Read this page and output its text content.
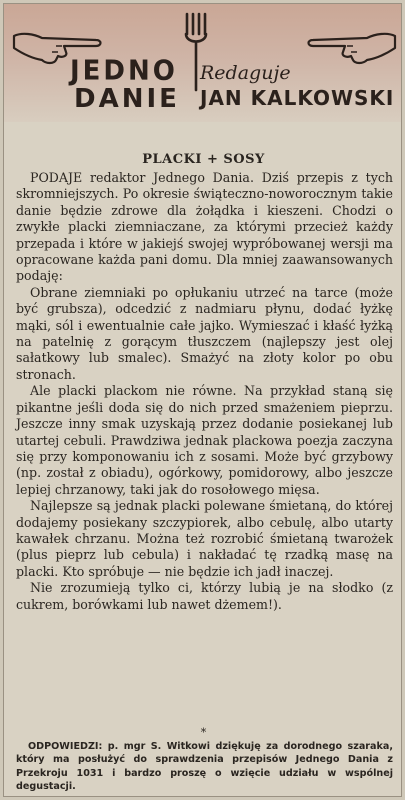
JEDNO Redaguje
DANIE JAN KALKOWSKI
PLACKI + SOSY

PODAJE redaktor Jednego Dania. Dziś przepis z tych skromniejszych. Po okresie świąteczno-noworocznym takie danie będzie zdrowe dla żołądka i kieszeni. Chodzi o zwykłe placki ziemniaczane, za którymi przecież każdy przepada i które w jakiejś swojej wypróbowanej wersji ma opracowane każda pani domu. Dla mniej zaawansowanych podaję:

Obrane ziemniaki po opłukaniu utrzeć na tarce (może być grubsza), odcedzić z nadmiaru płynu, dodać łyżkę mąki, sól i ewentualnie całe jajko. Wymieszać i kłaść łyżką na patelnię z gorącym tłuszczem (najlepszy jest olej sałatkowy lub smalec). Smażyć na złoty kolor po obu stronach.

Ale placki plackom nie równe. Na przykład staną się pikantne jeśli doda się do nich przed smażeniem pieprzu. Jeszcze inny smak uzyskają przez dodanie posiekanej lub utartej cebuli. Prawdziwa jednak plackowa poezja zaczyna się przy komponowaniu ich z sosami. Może być grzybowy (np. został z obiadu), ogórkowy, pomidorowy, albo jeszcze lepiej chrzanowy, taki jak do rosołowego mięsa.

Najlepsze są jednak placki polewane śmietaną, do której dodajemy posiekany szczypiorek, albo cebulę, albo utarty kawałek chrzanu. Można też rozrobić śmietaną twarożek (plus pieprz lub cebula) i nakładać tę rzadką masę na placki. Kto spróbuje — nie będzie ich jadł inaczej.

Nie zrozumieją tylko ci, którzy lubią je na słodko (z cukrem, borówkami lub nawet dżemem!).

*

ODPOWIEDZI: p. mgr S. Witkowi dziękuję za dorodnego szaraka, który ma posłużyć do sprawdzenia przepisów Jednego Dania z Przekroju 1031 i bardzo proszę o wzięcie udziału w wspólnej degustacji.
